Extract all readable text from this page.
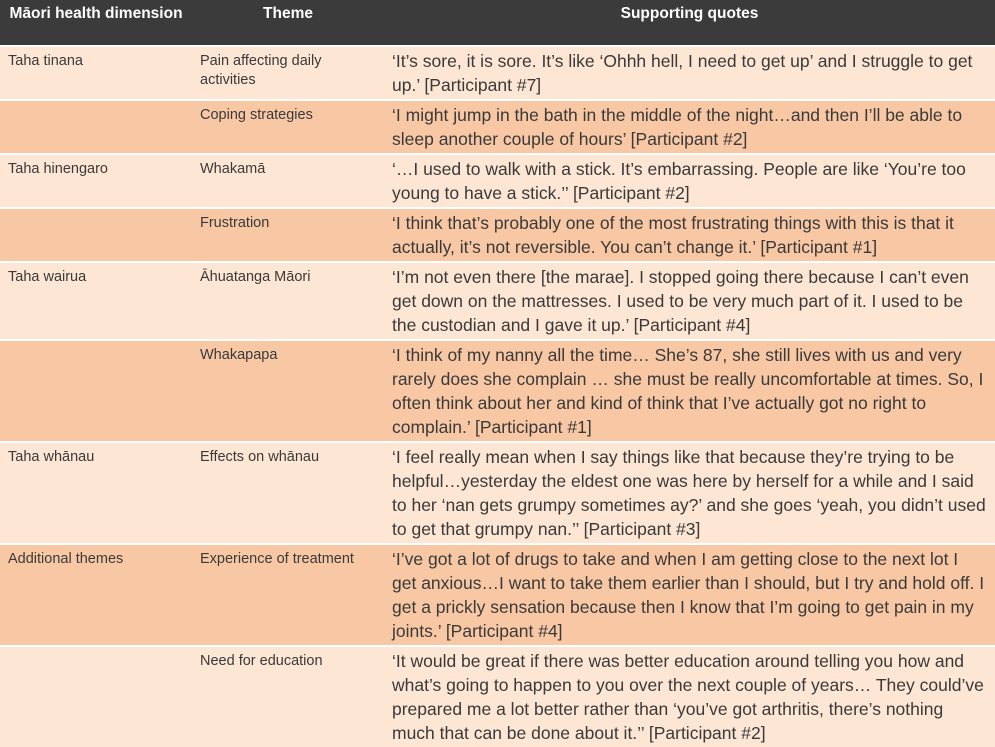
Māori health dimension	Theme	Supporting quotes
Taha tinana	Pain affecting daily activities	‘It’s sore, it is sore. It’s like ‘Ohhh hell, I need to get up’ and I struggle to get up.’ [Participant #7]
	Coping strategies	‘I might jump in the bath in the middle of the night…and then I’ll be able to sleep another couple of hours’ [Participant #2]
Taha hinengaro	Whakamā	‘…I used to walk with a stick. It’s embarrassing. People are like ‘You’re too young to have a stick.’’ [Participant #2]
	Frustration	‘I think that’s probably one of the most frustrating things with this is that it actually, it’s not reversible. You can’t change it.’ [Participant #1]
Taha wairua	Āhuatanga Māori	‘I’m not even there [the marae]. I stopped going there because I can’t even get down on the mattresses. I used to be very much part of it. I used to be the custodian and I gave it up.’ [Participant #4]
	Whakapapa	‘I think of my nanny all the time… She’s 87, she still lives with us and very rarely does she complain … she must be really uncomfortable at times. So, I often think about her and kind of think that I’ve actually got no right to complain.’ [Participant #1]
Taha whānau	Effects on whānau	‘I feel really mean when I say things like that because they’re trying to be helpful…yesterday the eldest one was here by herself for a while and I said to her ‘nan gets grumpy sometimes ay?’ and she goes ‘yeah, you didn’t used to get that grumpy nan.’’ [Participant #3]
Additional themes	Experience of treatment	‘I’ve got a lot of drugs to take and when I am getting close to the next lot I get anxious…I want to take them earlier than I should, but I try and hold off. I get a prickly sensation because then I know that I’m going to get pain in my joints.’ [Participant #4]
	Need for education	‘It would be great if there was better education around telling you how and what’s going to happen to you over the next couple of years… They could’ve prepared me a lot better rather than ‘you’ve got arthritis, there’s nothing much that can be done about it.’’ [Participant #2]
